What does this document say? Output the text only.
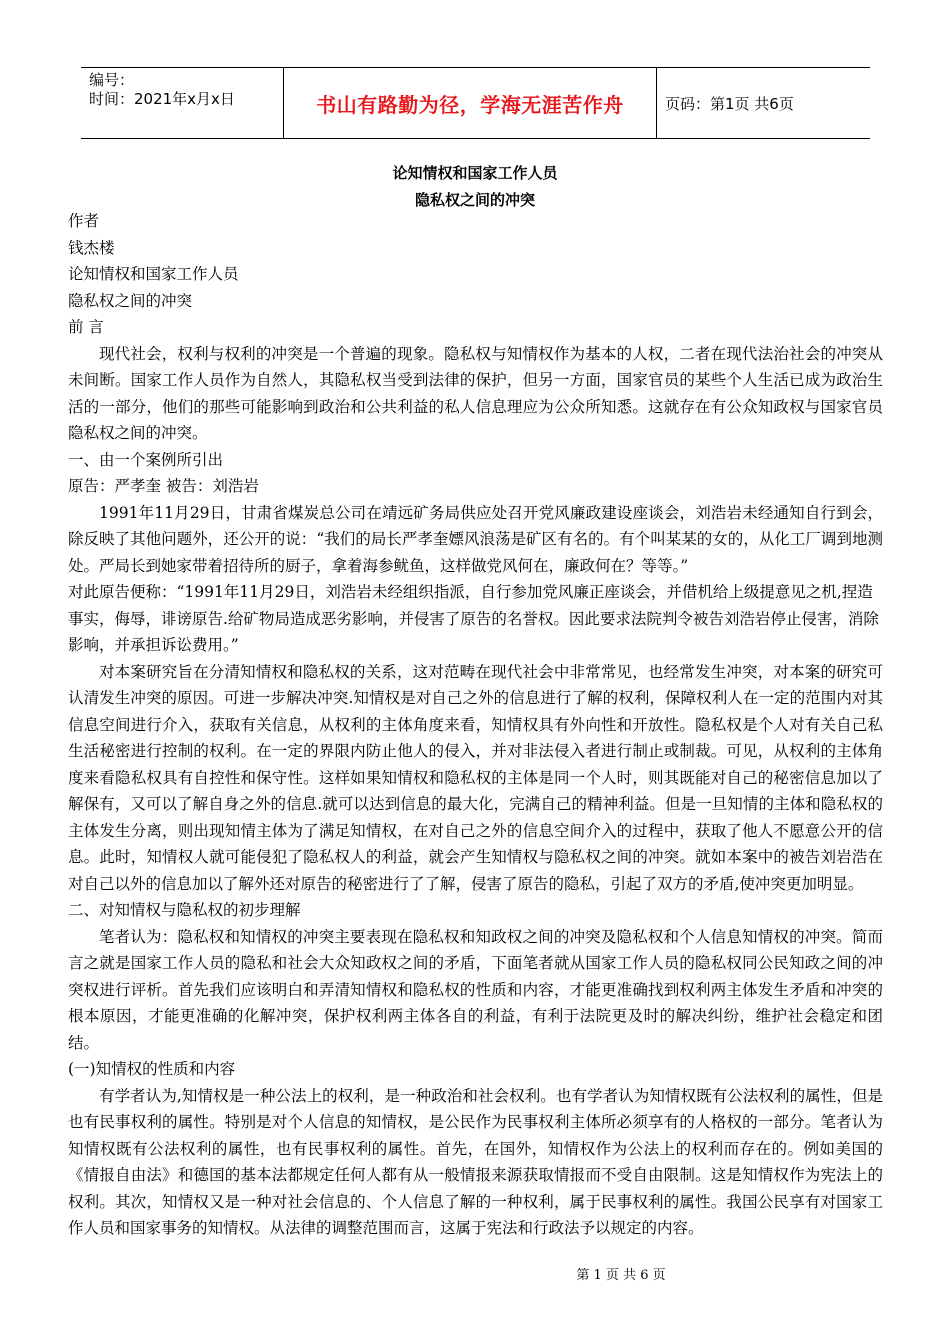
编号：
时间：2021年x月x日	书山有路勤为径，学海无涯苦作舟	页码：第1页 共6页
论知情权和国家工作人员
隐私权之间的冲突

作者

钱杰楼

论知情权和国家工作人员

隐私权之间的冲突

前 言

现代社会，权利与权利的冲突是一个普遍的现象。隐私权与知情权作为基本的人权，二者在现代法治社会的冲突从未间断。国家工作人员作为自然人，其隐私权当受到法律的保护，但另一方面，国家官员的某些个人生活已成为政治生活的一部分，他们的那些可能影响到政治和公共利益的私人信息理应为公众所知悉。这就存在有公众知政权与国家官员隐私权之间的冲突。

一、由一个案例所引出

原告：严孝奎 被告：刘浩岩

1991年11月29日，甘肃省煤炭总公司在靖远矿务局供应处召开党风廉政建设座谈会，刘浩岩未经通知自行到会，除反映了其他问题外，还公开的说：“我们的局长严孝奎嫖风浪荡是矿区有名的。有个叫某某的女的，从化工厂调到地测处。严局长到她家带着招待所的厨子，拿着海参鱿鱼，这样做党风何在，廉政何在？等等。”

对此原告便称：“1991年11月29日，刘浩岩未经组织指派，自行参加党风廉正座谈会，并借机给上级提意见之机,捏造事实，侮辱，诽谤原告.给矿物局造成恶劣影响，并侵害了原告的名誉权。因此要求法院判令被告刘浩岩停止侵害，消除影响，并承担诉讼费用。”

对本案研究旨在分清知情权和隐私权的关系，这对范畴在现代社会中非常常见，也经常发生冲突，对本案的研究可认清发生冲突的原因。可进一步解决冲突.知情权是对自己之外的信息进行了解的权利，保障权利人在一定的范围内对其信息空间进行介入，获取有关信息，从权利的主体角度来看，知情权具有外向性和开放性。隐私权是个人对有关自己私生活秘密进行控制的权利。在一定的界限内防止他人的侵入，并对非法侵入者进行制止或制裁。可见，从权利的主体角度来看隐私权具有自控性和保守性。这样如果知情权和隐私权的主体是同一个人时，则其既能对自己的秘密信息加以了解保有，又可以了解自身之外的信息.就可以达到信息的最大化，完满自己的精神利益。但是一旦知情的主体和隐私权的主体发生分离，则出现知情主体为了满足知情权，在对自己之外的信息空间介入的过程中，获取了他人不愿意公开的信息。此时，知情权人就可能侵犯了隐私权人的利益，就会产生知情权与隐私权之间的冲突。就如本案中的被告刘岩浩在对自己以外的信息加以了解外还对原告的秘密进行了了解，侵害了原告的隐私，引起了双方的矛盾,使冲突更加明显。

二、对知情权与隐私权的初步理解

笔者认为：隐私权和知情权的冲突主要表现在隐私权和知政权之间的冲突及隐私权和个人信息知情权的冲突。简而言之就是国家工作人员的隐私和社会大众知政权之间的矛盾，下面笔者就从国家工作人员的隐私权同公民知政之间的冲突权进行评析。首先我们应该明白和弄清知情权和隐私权的性质和内容，才能更准确找到权利两主体发生矛盾和冲突的根本原因，才能更准确的化解冲突，保护权利两主体各自的利益，有利于法院更及时的解决纠纷，维护社会稳定和团结。

(一)知情权的性质和内容

有学者认为,知情权是一种公法上的权利，是一种政治和社会权利。也有学者认为知情权既有公法权利的属性，但是也有民事权利的属性。特别是对个人信息的知情权，是公民作为民事权利主体所必须享有的人格权的一部分。笔者认为知情权既有公法权利的属性，也有民事权利的属性。首先，在国外，知情权作为公法上的权利而存在的。例如美国的《情报自由法》和德国的基本法都规定任何人都有从一般情报来源获取情报而不受自由限制。这是知情权作为宪法上的权利。其次，知情权又是一种对社会信息的、个人信息了解的一种权利，属于民事权利的属性。我国公民享有对国家工作人员和国家事务的知情权。从法律的调整范围而言，这属于宪法和行政法予以规定的内容。

第 1 页 共 6 页
